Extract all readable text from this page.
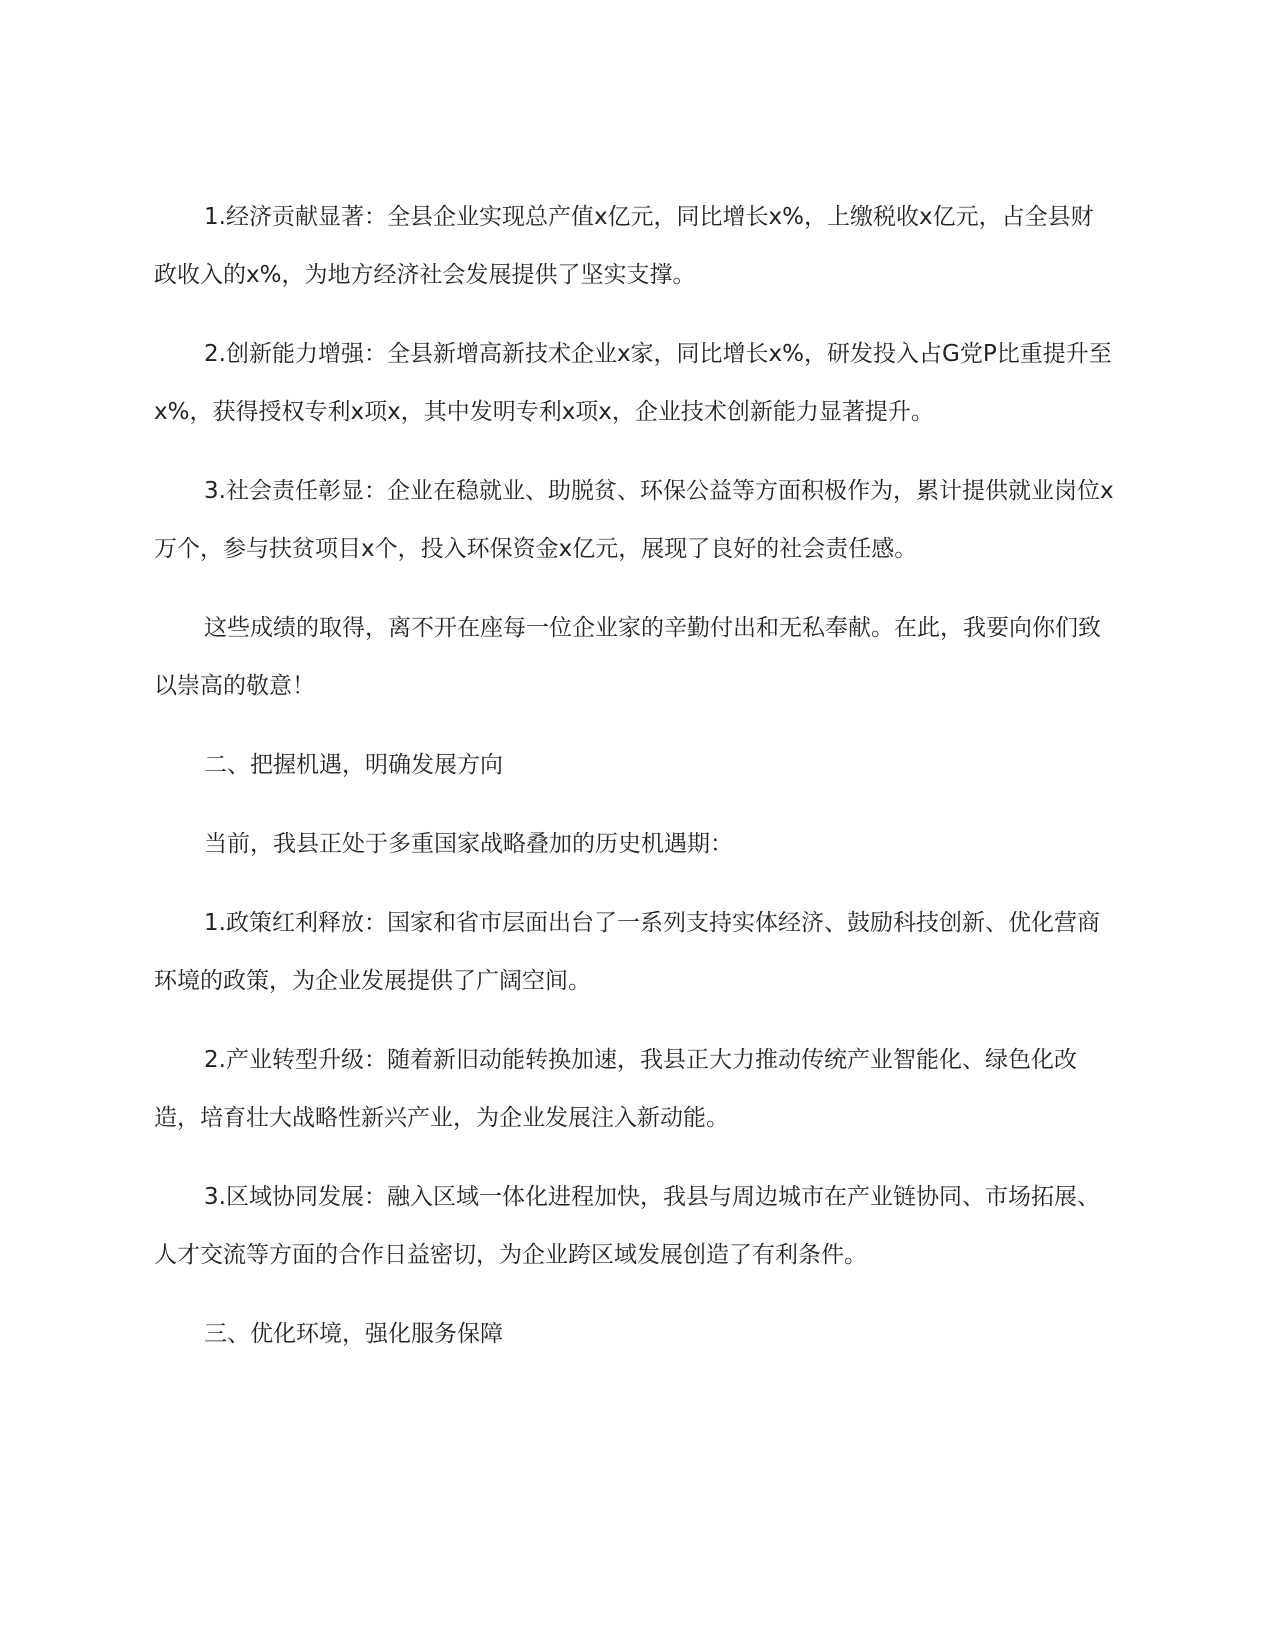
1.经济贡献显著：全县企业实现总产值x亿元，同比增长x%，上缴税收x亿元，占全县财政收入的x%，为地方经济社会发展提供了坚实支撑。

2.创新能力增强：全县新增高新技术企业x家，同比增长x%，研发投入占G党P比重提升至x%，获得授权专利x项x，其中发明专利x项x，企业技术创新能力显著提升。

3.社会责任彰显：企业在稳就业、助脱贫、环保公益等方面积极作为，累计提供就业岗位x万个，参与扶贫项目x个，投入环保资金x亿元，展现了良好的社会责任感。

这些成绩的取得，离不开在座每一位企业家的辛勤付出和无私奉献。在此，我要向你们致以崇高的敬意！

二、把握机遇，明确发展方向

当前，我县正处于多重国家战略叠加的历史机遇期：

1.政策红利释放：国家和省市层面出台了一系列支持实体经济、鼓励科技创新、优化营商环境的政策，为企业发展提供了广阔空间。

2.产业转型升级：随着新旧动能转换加速，我县正大力推动传统产业智能化、绿色化改造，培育壮大战略性新兴产业，为企业发展注入新动能。

3.区域协同发展：融入区域一体化进程加快，我县与周边城市在产业链协同、市场拓展、人才交流等方面的合作日益密切，为企业跨区域发展创造了有利条件。

三、优化环境，强化服务保障
